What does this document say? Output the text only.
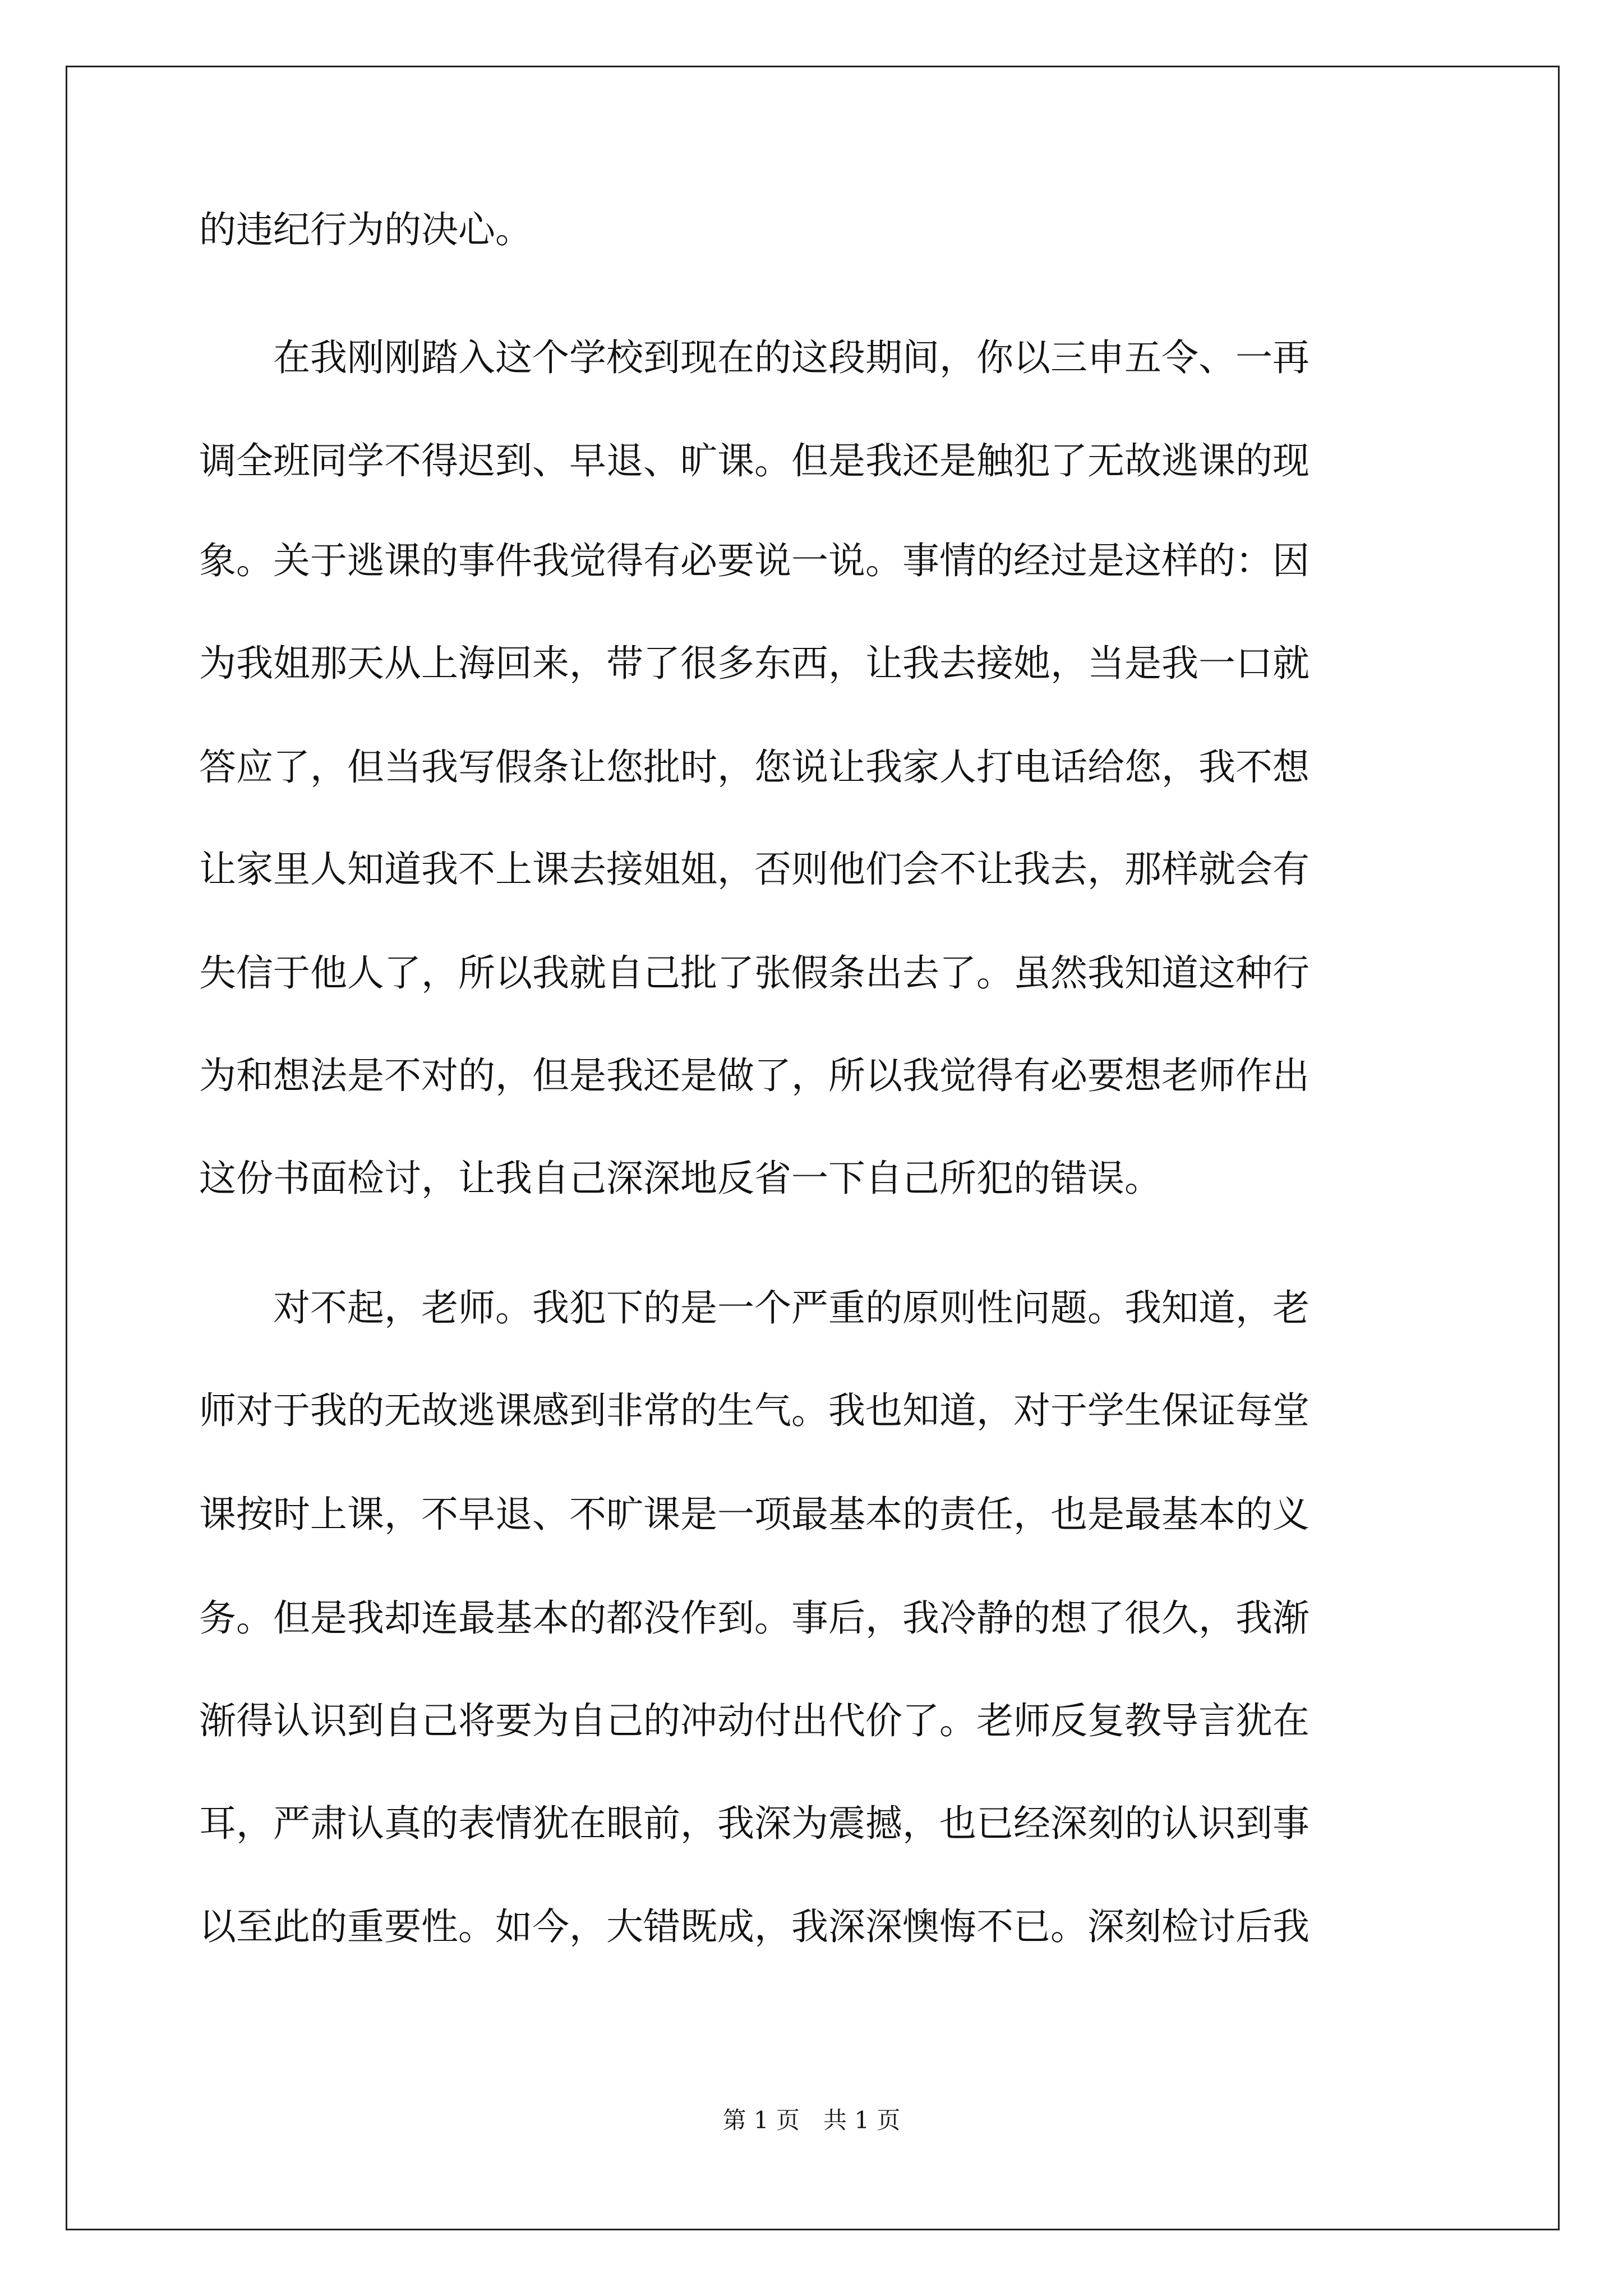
的违纪行为的决心。
　　在我刚刚踏入这个学校到现在的这段期间，你以三申五令、一再
调全班同学不得迟到、早退、旷课。但是我还是触犯了无故逃课的现
象。关于逃课的事件我觉得有必要说一说。事情的经过是这样的：因
为我姐那天从上海回来，带了很多东西，让我去接她，当是我一口就
答应了，但当我写假条让您批时，您说让我家人打电话给您，我不想
让家里人知道我不上课去接姐姐，否则他们会不让我去，那样就会有
失信于他人了，所以我就自己批了张假条出去了。虽然我知道这种行
为和想法是不对的，但是我还是做了，所以我觉得有必要想老师作出
这份书面检讨，让我自己深深地反省一下自己所犯的错误。
　　对不起，老师。我犯下的是一个严重的原则性问题。我知道，老
师对于我的无故逃课感到非常的生气。我也知道，对于学生保证每堂
课按时上课，不早退、不旷课是一项最基本的责任，也是最基本的义
务。但是我却连最基本的都没作到。事后，我冷静的想了很久，我渐
渐得认识到自己将要为自己的冲动付出代价了。老师反复教导言犹在
耳，严肃认真的表情犹在眼前，我深为震撼，也已经深刻的认识到事
以至此的重要性。如今，大错既成，我深深懊悔不已。深刻检讨后我
第 1 页　共 1 页
